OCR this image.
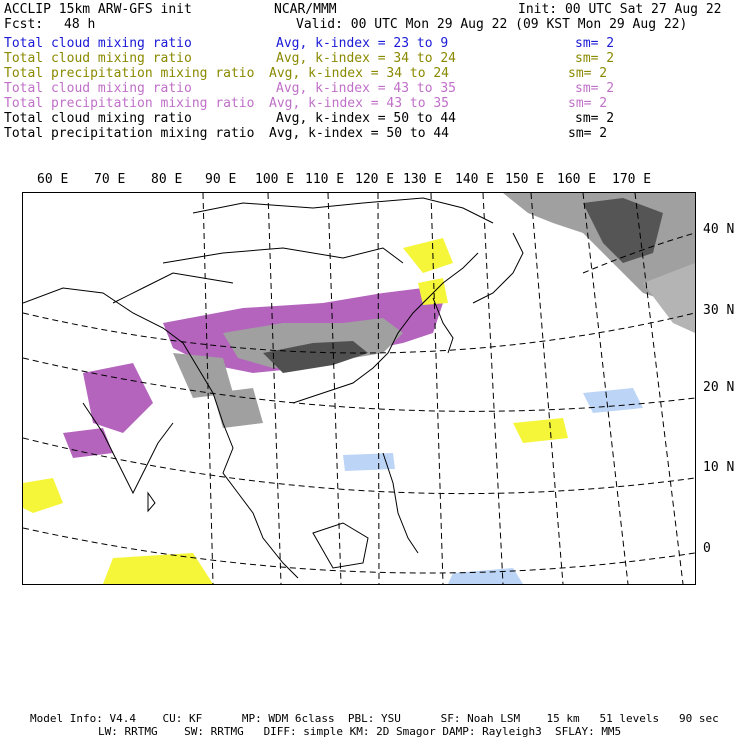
ACCLIP 15km ARW-GFS init	NCAR/MMM	Init: 00 UTC Sat 27 Aug 22
Fcst: 48 h	Valid: 00 UTC Mon 29 Aug 22 (09 KST Mon 29 Aug 22)
Total cloud mixing ratio	Avg, k-index = 23 to 9	sm= 2
Total cloud mixing ratio	Avg, k-index = 34 to 24	sm= 2
Total precipitation mixing ratio Avg, k-index = 34 to 24	sm= 2
Total cloud mixing ratio	Avg, k-index = 43 to 35	sm= 2
Total precipitation mixing ratio Avg, k-index = 43 to 35	sm= 2
Total cloud mixing ratio	Avg, k-index = 50 to 44	sm= 2
Total precipitation mixing ratio Avg, k-index = 50 to 44	sm= 2
60 E 70 E 80 E 90 E 100 E 110 E 120 E 130 E 140 E 150 E 160 E 170 E
40 N
30 N
20 N
10 N
0
Model Info: V4.4    CU: KF      MP: WDM 6class  PBL: YSU      SF: Noah LSM    15 km   51 levels   90 sec
LW: RRTMG    SW: RRTMG   DIFF: simple KM: 2D Smagor DAMP: Rayleigh3  SFLAY: MM5
